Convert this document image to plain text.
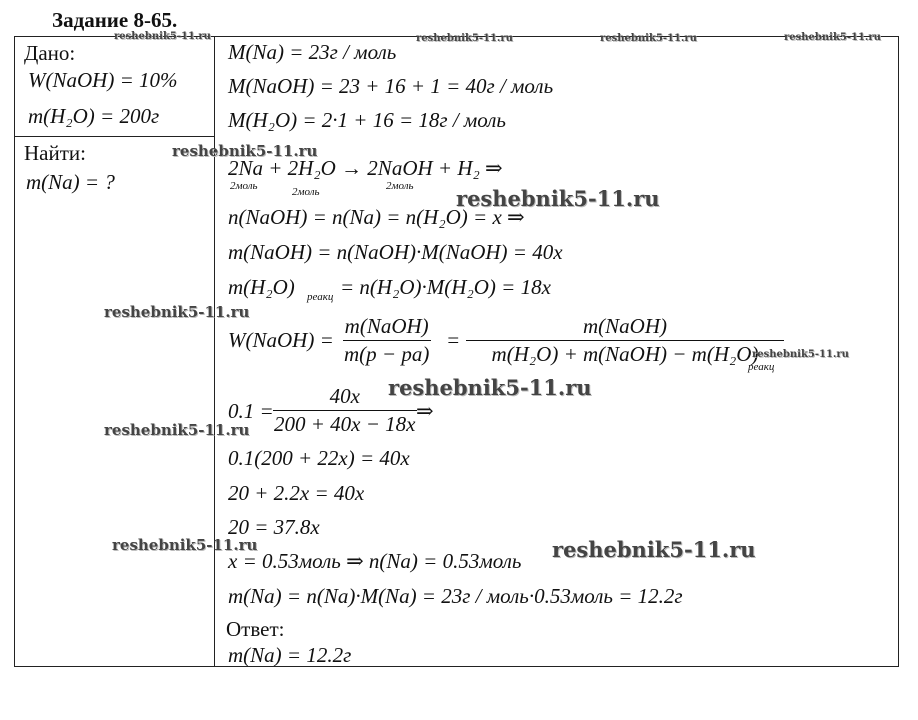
Задание 8-65.
Дано:
W(NaOH) = 10%
m(H₂O) = 200г
Найти:
m(Na) = ?
M(Na) = 23г / моль
M(NaOH) = 23 + 16 + 1 = 40г / моль
M(H₂O) = 2·1 + 16 = 18г / моль
2Na + 2H₂O → 2NaOH + H₂ ⇒
2моль	2моль	2моль
n(NaOH) = n(Na) = n(H₂O) = x ⇒
m(NaOH) = n(NaOH)·M(NaOH) = 40x
m(H₂O) реакц = n(H₂O)·M(H₂O) = 18x
W(NaOH) =
m(NaOH)
m(р − ра)
=
m(NaOH)
m(H₂O) + m(NaOH) − m(H₂O)
реакц
0.1 =
$\frac{40x}{200 + 40x - 18x}$
⇒
0.1(200 + 22x) = 40x
20 + 2.2x = 40x
20 = 37.8x
x = 0.53моль ⇒ n(Na) = 0.53моль
m(Na) = n(Na)·M(Na) = 23г / моль·0.53моль = 12.2г
Ответ:
m(Na) = 12.2г
reshebnik5-11.ru	reshebnik5-11.ru	reshebnik5-11.ru	reshebnik5-11.ru
reshebnik5-11.ru
reshebnik5-11.ru
reshebnik5-11.ru
reshebnik5-11.ru
reshebnik5-11.ru
reshebnik5-11.ru
reshebnik5-11.ru	reshebnik5-11.ru
